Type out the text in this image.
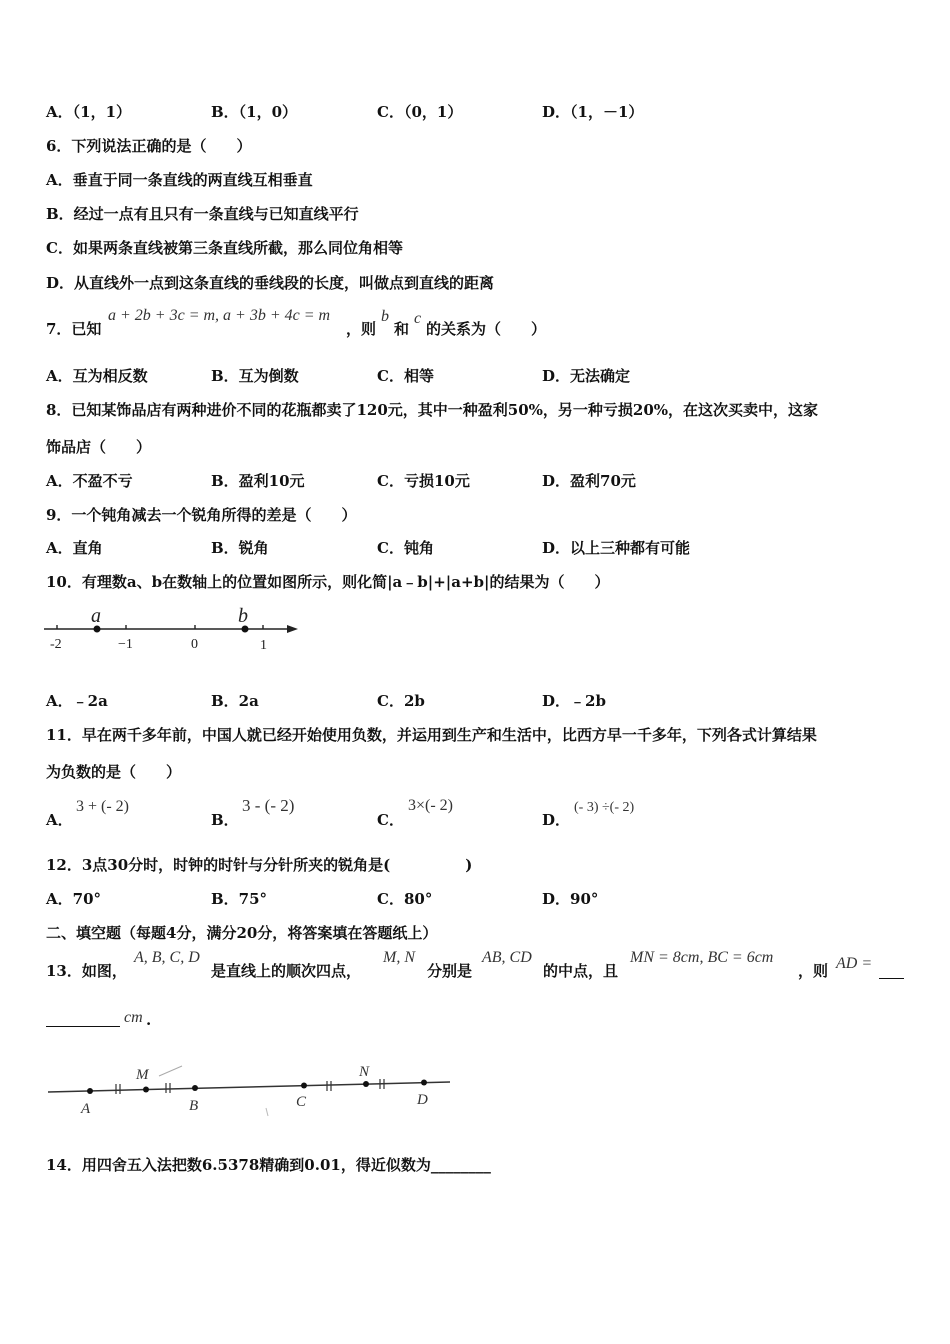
A．（1，1）	B．（1，0）	C．（0，1）	D．（1，－1）
6．下列说法正确的是（　　）
A．垂直于同一条直线的两直线互相垂直
B．经过一点有且只有一条直线与已知直线平行
C．如果两条直线被第三条直线所截，那么同位角相等
D．从直线外一点到这条直线的垂线段的长度，叫做点到直线的距离
7．已知
a + 2b + 3c = m, a + 3b + 4c = m
，则
b
和
c
的关系为（　　）
A．互为相反数	B．互为倒数	C．相等	D．无法确定
8．已知某饰品店有两种进价不同的花瓶都卖了120元，其中一种盈利50%，另一种亏损20%，在这次买卖中，这家
饰品店（　　）
A．不盈不亏	B．盈利10元	C．亏损10元	D．盈利70元
9．一个钝角减去一个锐角所得的差是（　　）
A．直角	B．锐角	C．钝角	D．以上三种都有可能
10．有理数a、b在数轴上的位置如图所示，则化简|a﹣b|+|a+b|的结果为（　　）
-2	−1	0	1
a	b
A．﹣2a	B．2a	C．2b	D．﹣2b
11．早在两千多年前，中国人就已经开始使用负数，并运用到生产和生活中，比西方早一千多年，下列各式计算结果
为负数的是（　　）
A．
3 + (- 2)
B．
3 - (- 2)
C．
3×(- 2)
D．
(- 3) ÷(- 2)
12．3点30分时，时钟的时针与分针所夹的锐角是(　　　　　)
A．70°	B．75°	C．80°	D．90°
二、填空题（每题4分，满分20分，将答案填在答题纸上）
13．如图，
A, B, C, D
是直线上的顺次四点，
M, N
分别是
AB, CD
的中点，且
MN = 8cm, BC = 6cm
，则 AD =
cm .
A
M
B	C
N
D
14．用四舍五入法把数6.5378精确到0.01，得近似数为________
